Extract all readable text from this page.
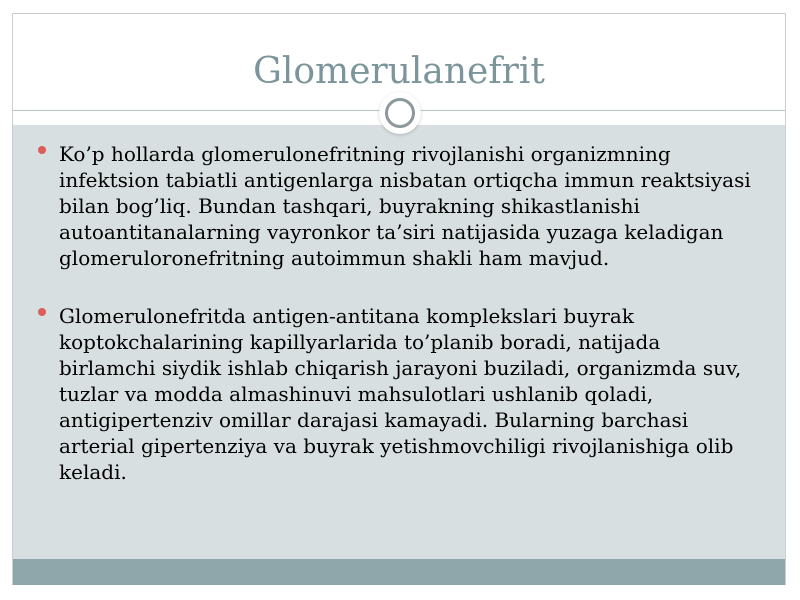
Glomerulanefrit
Ko’p hollarda glomerulonefritning rivojlanishi organizmning infektsion tabiatli antigenlarga nisbatan ortiqcha immun reaktsiyasi bilan bog’liq. Bundan tashqari, buyrakning shikastlanishi autoantitanalarning vayronkor ta’siri natijasida yuzaga keladigan glomeruloronefritning autoimmun shakli ham mavjud.
Glomerulonefritda antigen-antitana komplekslari buyrak koptokchalarining kapillyarlarida to’planib boradi, natijada birlamchi siydik ishlab chiqarish jarayoni buziladi, organizmda suv, tuzlar va modda almashinuvi mahsulotlari ushlanib qoladi, antigipertenziv omillar darajasi kamayadi. Bularning barchasi arterial gipertenziya va buyrak yetishmovchiligi rivojlanishiga olib keladi.
